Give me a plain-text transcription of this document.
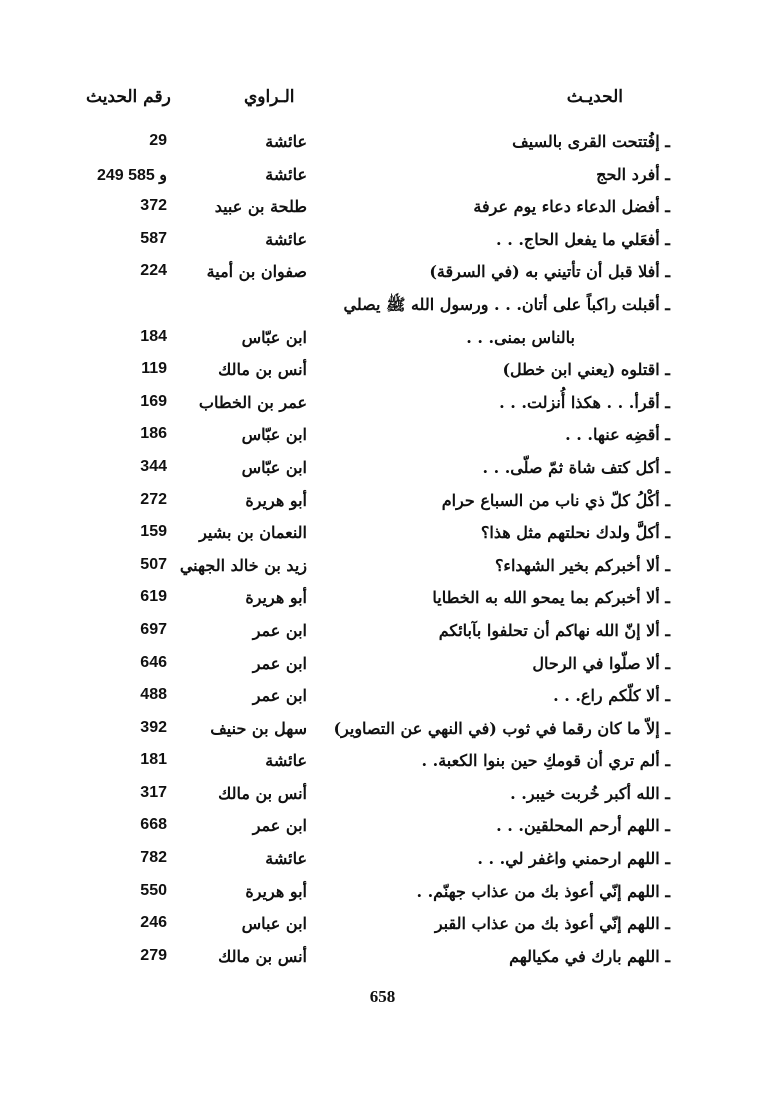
الحديـث
الـراوي
رقم الحديث
ـ إفُتتحت القرى بالسيف
عائشة
29
ـ أفرد الحج
عائشة
249 و 585
ـ أفضل الدعاء دعاء يوم عرفة
طلحة بن عبيد
372
ـ أفعَلي ما يفعل الحاج. . .
عائشة
587
ـ أفلا قبل أن تأتيني به (في السرقة)
صفوان بن أمية
224
ـ أقبلت راكباً على أتان. . . ورسول الله ﷺ يصلي
بالناس بمنى. . .
ابن عبّاس
184
ـ اقتلوه (يعني ابن خطل)
أنس بن مالك
119
ـ أقرأ. . . هكذا أُنزلت. . .
عمر بن الخطاب
169
ـ أقضِه عنها. . .
ابن عبّاس
186
ـ أكل كتف شاة ثمّ صلّى. . .
ابن عبّاس
344
ـ أكْلُ كلّ ذي ناب من السباع حرام
أبو هريرة
272
ـ أكلَّ ولدك نحلتهم مثل هذا؟
النعمان بن بشير
159
ـ ألا أخبركم بخير الشهداء؟
زيد بن خالد الجهني
507
ـ ألا أخبركم بما يمحو الله به الخطايا
أبو هريرة
619
ـ ألا إنّ الله نهاكم أن تحلفوا بآبائكم
ابن عمر
697
ـ ألا صلّوا في الرحال
ابن عمر
646
ـ ألا كلّكم راع. . .
ابن عمر
488
ـ إلاّ ما كان رقما في ثوب (في النهي عن التصاوير)
سهل بن حنيف
392
ـ ألم تري أن قومكِ حين بنوا الكعبة. .
عائشة
181
ـ الله أكبر خُربت خيبر. .
أنس بن مالك
317
ـ اللهم أرحم المحلقين. . .
ابن عمر
668
ـ اللهم ارحمني واغفر لي. . .
عائشة
782
ـ اللهم إنّي أعوذ بك من عذاب جهنّم. .
أبو هريرة
550
ـ اللهم إنّي أعوذ بك من عذاب القبر
ابن عباس
246
ـ اللهم بارك في مكيالهم
أنس بن مالك
279
658
